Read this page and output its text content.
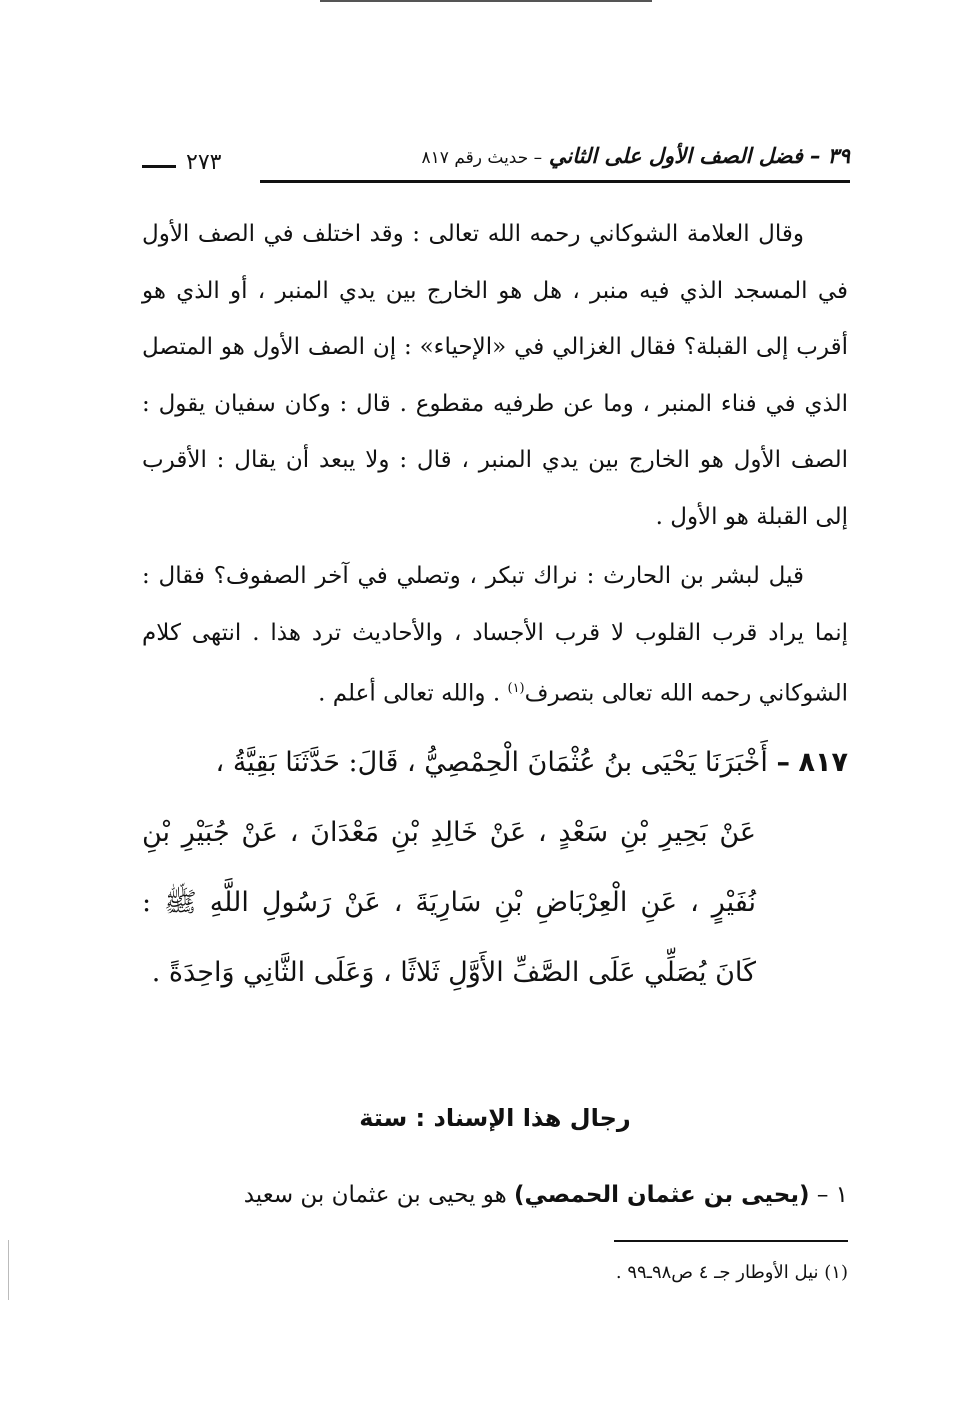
٣٩ – فضل الصف الأول على الثاني – حديث رقم ٨١٧
٢٧٣
وقال العلامة الشوكاني رحمه الله تعالى : وقد اختلف في الصف الأول في المسجد الذي فيه منبر ، هل هو الخارج بين يدي المنبر ، أو الذي هو أقرب إلى القبلة؟ فقال الغزالي في «الإحياء» : إن الصف الأول هو المتصل الذي في فناء المنبر ، وما عن طرفيه مقطوع . قال : وكان سفيان يقول : الصف الأول هو الخارج بين يدي المنبر ، قال : ولا يبعد أن يقال : الأقرب إلى القبلة هو الأول .
قيل لبشر بن الحارث : نراك تبكر ، وتصلي في آخر الصفوف؟ فقال : إنما يراد قرب القلوب لا قرب الأجساد ، والأحاديث ترد هذا . انتهى كلام الشوكاني رحمه الله تعالى بتصرف$^{(١)}$ . والله تعالى أعلم .
٨١٧ – أَخْبَرَنَا يَحْيَى بنُ عُثْمَانَ الْحِمْصِيُّ ، قَالَ: حَدَّثَنَا بَقِيَّةُ ،
عَنْ بَحِيرِ بْنِ سَعْدٍ ، عَنْ خَالِدِ بْنِ مَعْدَانَ ، عَنْ جُبَيْرِ بْنِ نُفَيْرٍ ، عَنِ الْعِرْبَاضِ بْنِ سَارِيَةَ ، عَنْ رَسُولِ اللَّهِ ﷺ : كَانَ يُصَلِّي عَلَى الصَّفِّ الأَوَّلِ ثَلاثًا ، وَعَلَى الثَّانِي وَاحِدَةً .
رجال هذا الإسناد : ستة
١ – (يحيى بن عثمان الحمصي) هو يحيى بن عثمان بن سعيد
(١) نيل الأوطار جـ ٤ ص٩٨ـ٩٩ .
